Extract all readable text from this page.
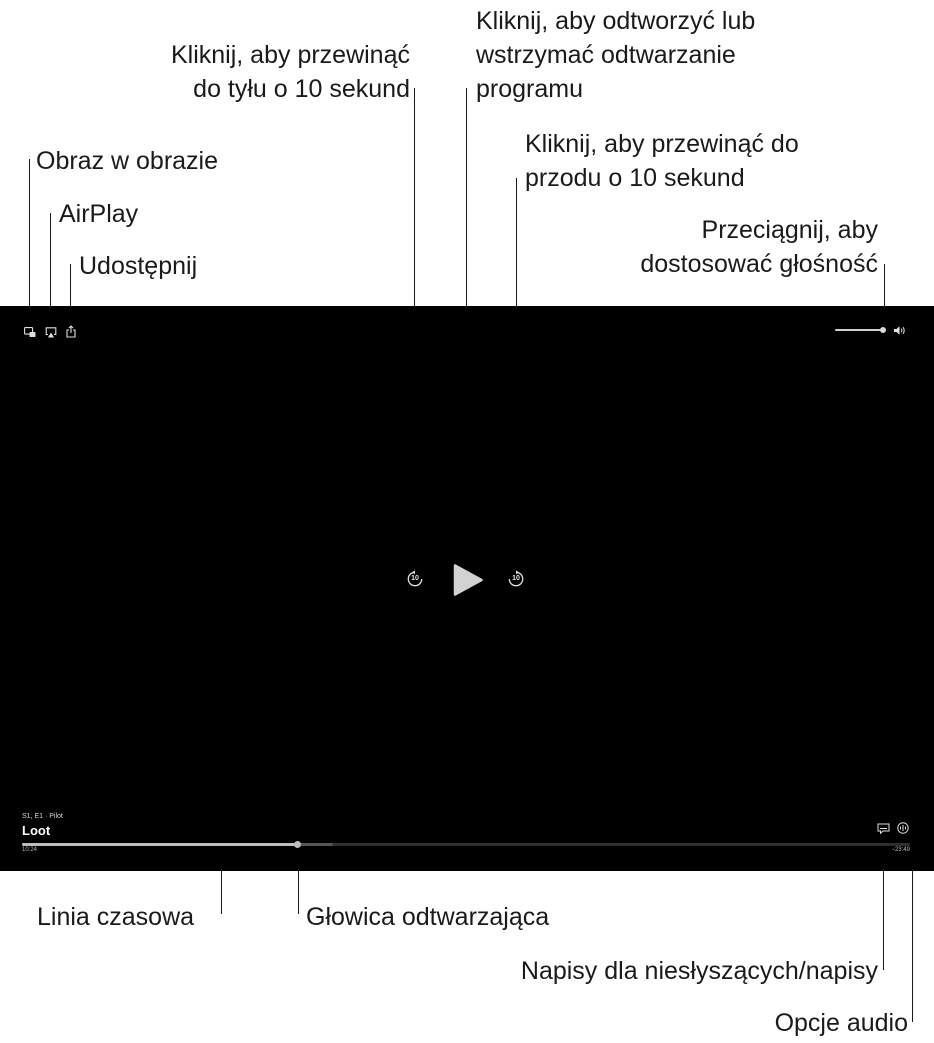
Obraz w obrazie
AirPlay
Udostępnij
Kliknij, aby przewinąć
do tyłu o 10 sekund
Kliknij, aby odtworzyć lub
wstrzymać odtwarzanie
programu
Kliknij, aby przewinąć do
przodu o 10 sekund
Przeciągnij, aby
dostosować głośność
Linia czasowa	Głowica odtwarzająca
Napisy dla niesłyszących/napisy
Opcje audio
10	10
S1, E1 · Pilot
Loot
10:24	−23:49
